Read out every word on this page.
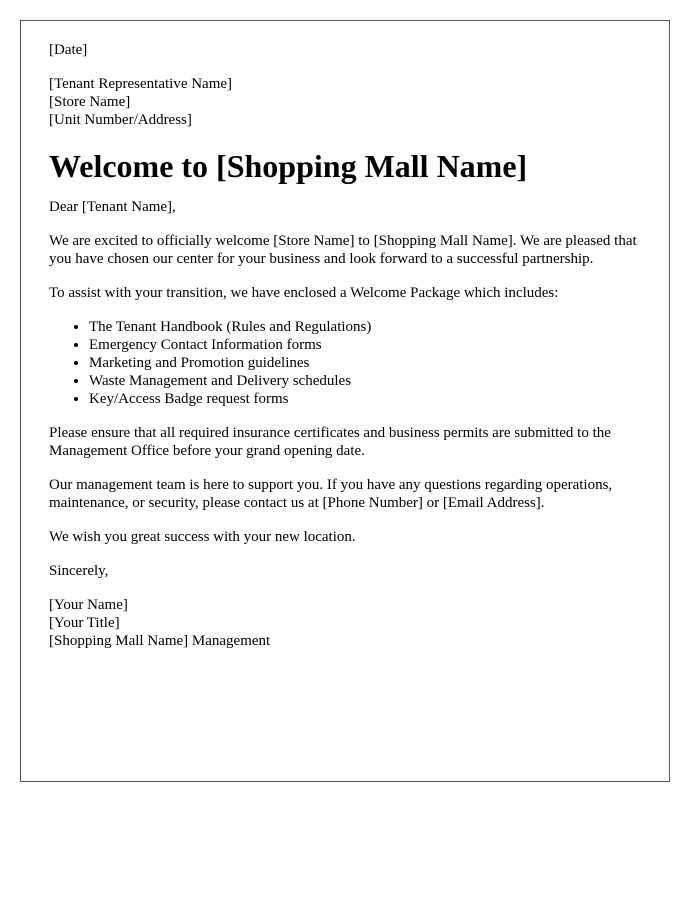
[Date]

[Tenant Representative Name]

[Store Name]

[Unit Number/Address]

Welcome to [Shopping Mall Name]

Dear [Tenant Name],

We are excited to officially welcome [Store Name] to [Shopping Mall Name]. We are pleased that you have chosen our center for your business and look forward to a successful partnership.

To assist with your transition, we have enclosed a Welcome Package which includes:

• The Tenant Handbook (Rules and Regulations)
• Emergency Contact Information forms
• Marketing and Promotion guidelines
• Waste Management and Delivery schedules
• Key/Access Badge request forms

Please ensure that all required insurance certificates and business permits are submitted to the Management Office before your grand opening date.

Our management team is here to support you. If you have any questions regarding operations, maintenance, or security, please contact us at [Phone Number] or [Email Address].

We wish you great success with your new location.

Sincerely,

[Your Name]

[Your Title]

[Shopping Mall Name] Management
